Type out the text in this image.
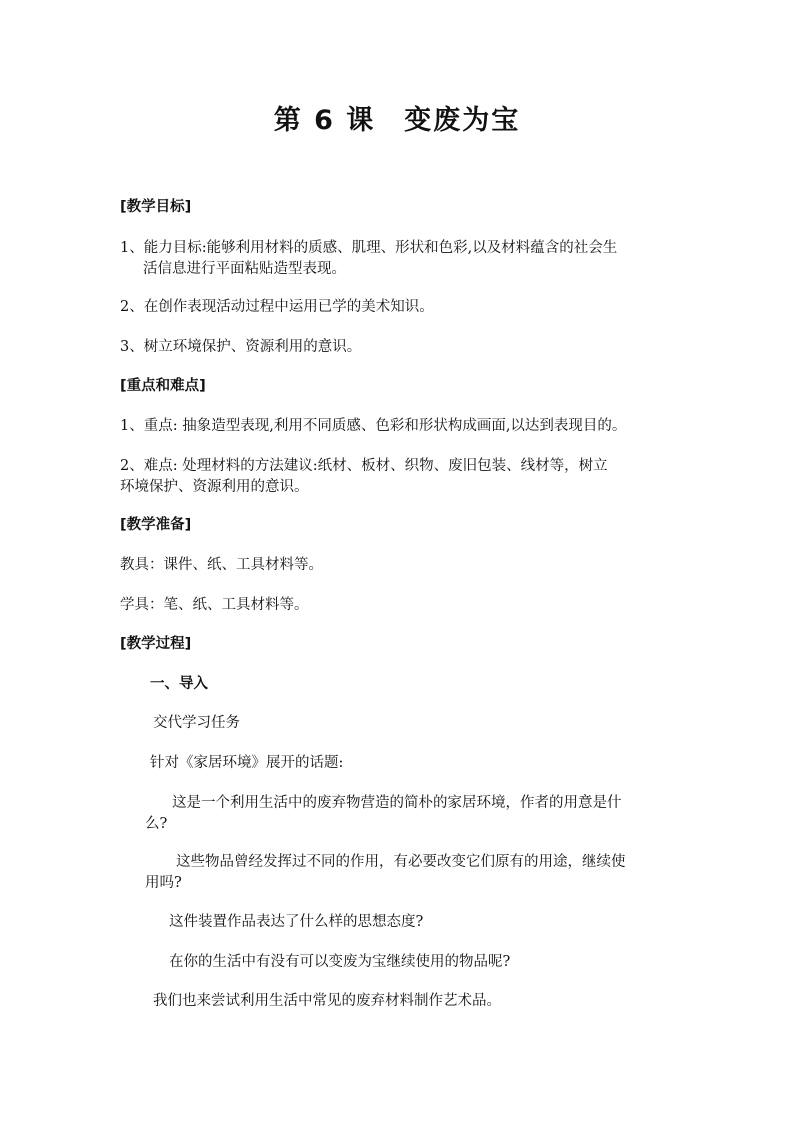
第 6 课　变废为宝
[教学目标]
1、能力目标:能够利用材料的质感、肌理、形状和色彩,以及材料蕴含的社会生
活信息进行平面粘贴造型表现。
2、在创作表现活动过程中运用已学的美术知识。
3、树立环境保护、资源利用的意识。
[重点和难点]
1、重点: 抽象造型表现,利用不同质感、色彩和形状构成画面,以达到表现目的。
2、难点: 处理材料的方法建议:纸材、板材、织物、废旧包装、线材等，树立
环境保护、资源利用的意识。
[教学准备]
教具：课件、纸、工具材料等。
学具：笔、纸、工具材料等。
[教学过程]
一、导入
交代学习任务
针对《家居环境》展开的话题:
这是一个利用生活中的废弃物营造的简朴的家居环境，作者的用意是什
么?
这些物品曾经发挥过不同的作用，有必要改变它们原有的用途，继续使
用吗?
这件装置作品表达了什么样的思想态度?
在你的生活中有没有可以变废为宝继续使用的物品呢?
我们也来尝试利用生活中常见的废弃材料制作艺术品。
